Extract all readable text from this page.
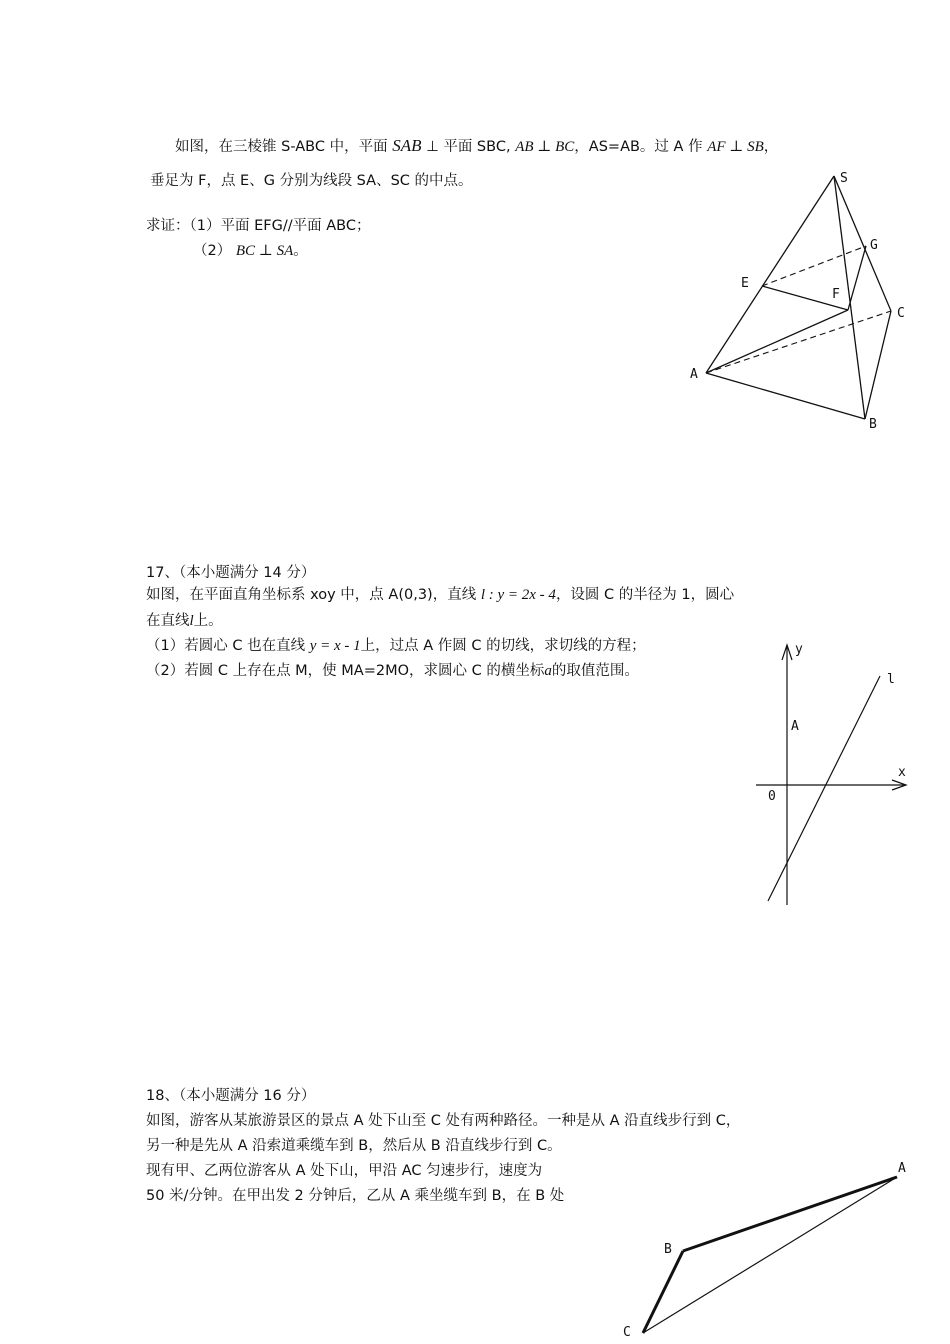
如图，在三棱锥 S-ABC 中，平面 SAB ⊥ 平面 SBC, AB ⊥ BC，AS=AB。过 A 作 AF ⊥ SB，
垂足为 F，点 E、G 分别为线段 SA、SC 的中点。
求证：（1）平面 EFG//平面 ABC；
（2） BC ⊥ SA。
S
G
E
F
C
A
B
17、（本小题满分 14 分）
如图，在平面直角坐标系 xoy 中，点 A(0,3)，直线 l : y = 2x - 4，设圆 C 的半径为 1，圆心
在直线l上。
（1）若圆心 C 也在直线 y = x - 1上，过点 A 作圆 C 的切线，求切线的方程；
（2）若圆 C 上存在点 M，使 MA=2MO，求圆心 C 的横坐标a的取值范围。
y
l
A
x
0
18、（本小题满分 16 分）
如图，游客从某旅游景区的景点 A 处下山至 C 处有两种路径。一种是从 A 沿直线步行到 C，
另一种是先从 A 沿索道乘缆车到 B，然后从 B 沿直线步行到 C。
现有甲、乙两位游客从 A 处下山，甲沿 AC 匀速步行，速度为
50 米/分钟。在甲出发 2 分钟后，乙从 A 乘坐缆车到 B，在 B 处
A
B
C
